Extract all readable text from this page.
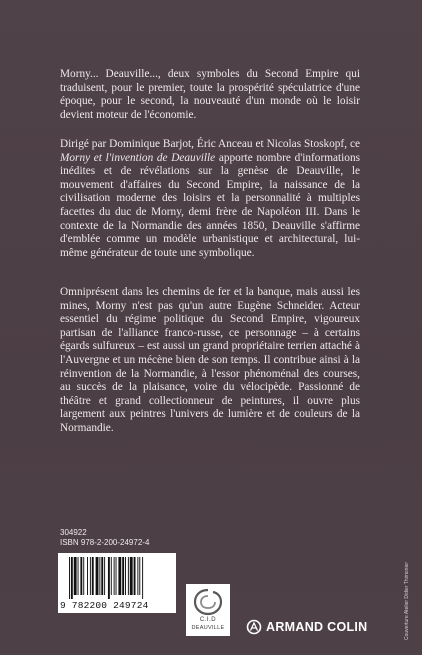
Morny... Deauville..., deux symboles du Second Empire qui traduisent, pour le premier, toute la prospérité spéculatrice d'une époque, pour le second, la nouveauté d'un monde où le loisir devient moteur de l'économie.

Dirigé par Dominique Barjot, Éric Anceau et Nicolas Stoskopf, ce Morny et l'invention de Deauville apporte nombre d'informations inédites et de révélations sur la genèse de Deauville, le mouvement d'affaires du Second Empire, la naissance de la civilisation moderne des loisirs et la personnalité à multiples facettes du duc de Morny, demi frère de Napoléon III. Dans le contexte de la Normandie des années 1850, Deauville s'affirme d'emblée comme un modèle urbanistique et architectural, lui-même générateur de toute une symbolique.

Omniprésent dans les chemins de fer et la banque, mais aussi les mines, Morny n'est pas qu'un autre Eugène Schneider. Acteur essentiel du régime politique du Second Empire, vigoureux partisan de l'alliance franco-russe, ce personnage – à certains égards sulfureux – est aussi un grand propriétaire terrien attaché à l'Auvergne et un mécène bien de son temps. Il contribue ainsi à la réinvention de la Normandie, à l'essor phénoménal des courses, au succès de la plaisance, voire du vélocipède. Passionné de théâtre et grand collectionneur de peintures, il ouvre plus largement aux peintres l'univers de lumière et de couleurs de la Normandie.

304922
ISBN 978-2-200-24972-4
9 782200 249724
C.I.D
DEAUVILLE	ARMAND COLIN	Couverture Atelier Didier Thimonier
